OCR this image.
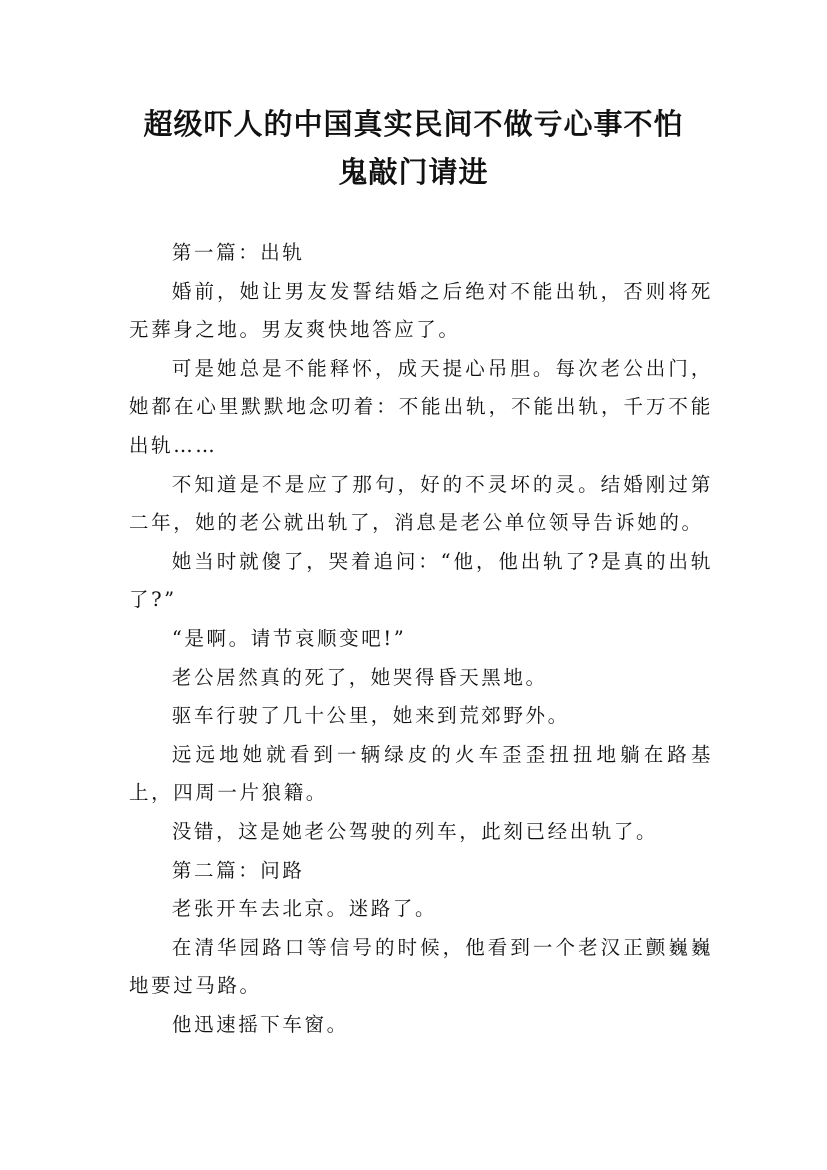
超级吓人的中国真实民间不做亏心事不怕
鬼敲门请进

第一篇：出轨

婚前，她让男友发誓结婚之后绝对不能出轨，否则将死无葬身之地。男友爽快地答应了。

可是她总是不能释怀，成天提心吊胆。每次老公出门，她都在心里默默地念叨着：不能出轨，不能出轨，千万不能出轨……

不知道是不是应了那句，好的不灵坏的灵。结婚刚过第二年，她的老公就出轨了，消息是老公单位领导告诉她的。

她当时就傻了，哭着追问：“他，他出轨了?是真的出轨了?”

“是啊。请节哀顺变吧!”

老公居然真的死了，她哭得昏天黑地。

驱车行驶了几十公里，她来到荒郊野外。

远远地她就看到一辆绿皮的火车歪歪扭扭地躺在路基上，四周一片狼籍。

没错，这是她老公驾驶的列车，此刻已经出轨了。

第二篇：问路

老张开车去北京。迷路了。

在清华园路口等信号的时候，他看到一个老汉正颤巍巍地要过马路。

他迅速摇下车窗。
